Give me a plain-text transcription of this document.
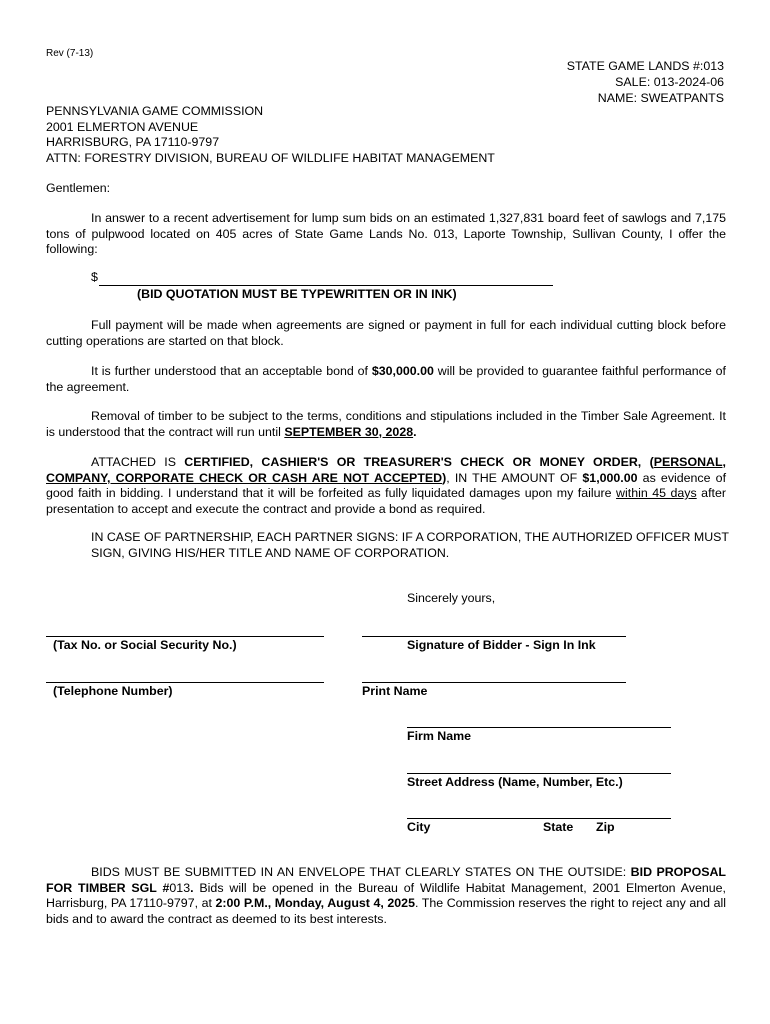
Rev (7-13)
STATE GAME LANDS #:013
SALE: 013-2024-06
NAME: SWEATPANTS
PENNSYLVANIA GAME COMMISSION
2001 ELMERTON AVENUE
HARRISBURG, PA 17110-9797
ATTN: FORESTRY DIVISION, BUREAU OF WILDLIFE HABITAT MANAGEMENT
Gentlemen:
In answer to a recent advertisement for lump sum bids on an estimated 1,327,831 board feet of sawlogs and 7,175 tons of pulpwood located on 405 acres of State Game Lands No. 013, Laporte Township, Sullivan County, I offer the following:
$
(BID QUOTATION MUST BE TYPEWRITTEN OR IN INK)
Full payment will be made when agreements are signed or payment in full for each individual cutting block before cutting operations are started on that block.
It is further understood that an acceptable bond of $30,000.00 will be provided to guarantee faithful performance of the agreement.
Removal of timber to be subject to the terms, conditions and stipulations included in the Timber Sale Agreement. It is understood that the contract will run until SEPTEMBER 30, 2028.
ATTACHED IS CERTIFIED, CASHIER'S OR TREASURER'S CHECK OR MONEY ORDER, (PERSONAL, COMPANY, CORPORATE CHECK OR CASH ARE NOT ACCEPTED), IN THE AMOUNT OF $1,000.00 as evidence of good faith in bidding. I understand that it will be forfeited as fully liquidated damages upon my failure within 45 days after presentation to accept and execute the contract and provide a bond as required.
IN CASE OF PARTNERSHIP, EACH PARTNER SIGNS: IF A CORPORATION, THE AUTHORIZED OFFICER MUST SIGN, GIVING HIS/HER TITLE AND NAME OF CORPORATION.
Sincerely yours,
(Tax No. or Social Security No.)
(Telephone Number)
Signature of Bidder - Sign In Ink
Print Name
Firm Name
Street Address (Name, Number, Etc.)
City	State Zip
BIDS MUST BE SUBMITTED IN AN ENVELOPE THAT CLEARLY STATES ON THE OUTSIDE: BID PROPOSAL FOR TIMBER SGL #013. Bids will be opened in the Bureau of Wildlife Habitat Management, 2001 Elmerton Avenue, Harrisburg, PA 17110-9797, at 2:00 P.M., Monday, August 4, 2025. The Commission reserves the right to reject any and all bids and to award the contract as deemed to its best interests.
